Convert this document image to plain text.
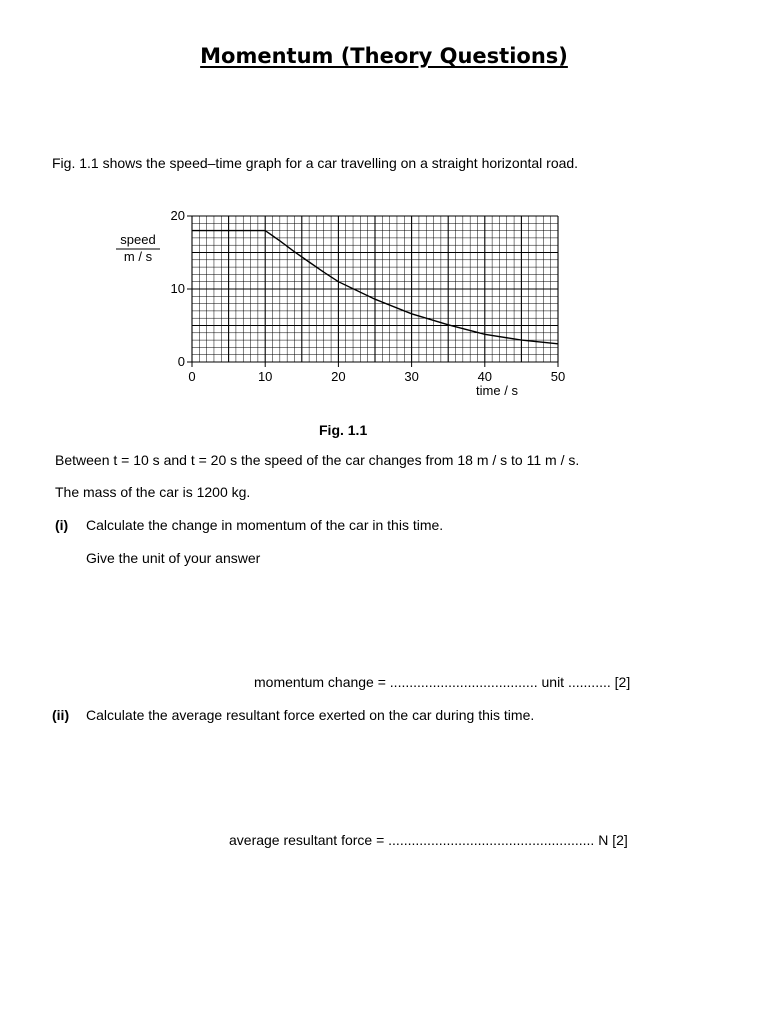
Momentum (Theory Questions)
Fig. 1.1 shows the speed–time graph for a car travelling on a straight horizontal road.
0	10	20	30	40	50
0
10
20
speed
m / s
time / s
Fig. 1.1
Between t = 10 s and t = 20 s the speed of the car changes from 18 m / s to 11 m / s.
The mass of the car is 1200 kg.
(i) Calculate the change in momentum of the car in this time.
Give the unit of your answer
momentum change = ...................................... unit ........... [2]
(ii) Calculate the average resultant force exerted on the car during this time.
average resultant force = ..................................................... N [2]
